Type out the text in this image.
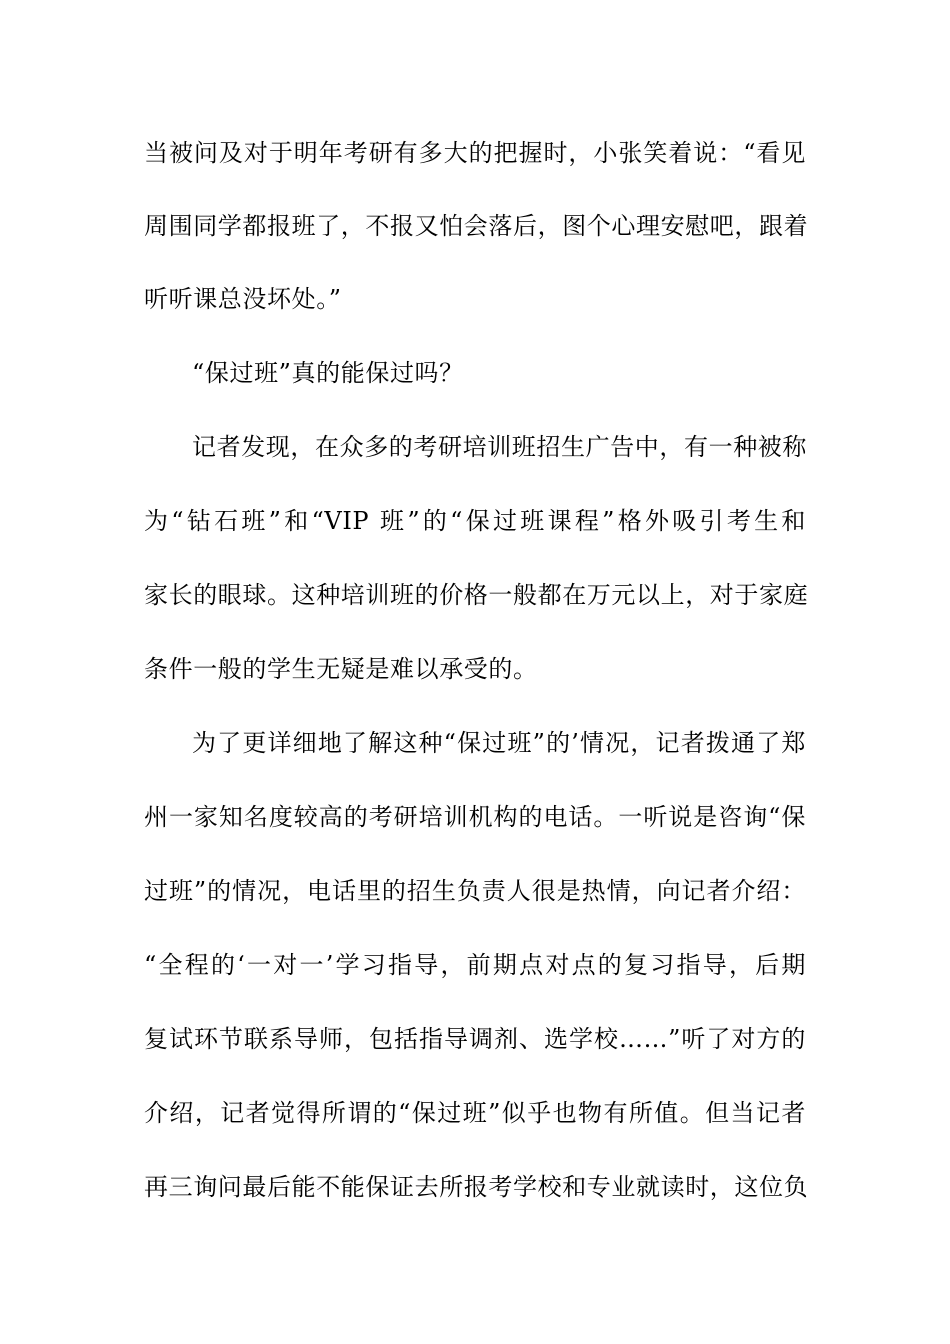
当被问及对于明年考研有多大的把握时，小张笑着说：“看见
周围同学都报班了，不报又怕会落后，图个心理安慰吧，跟着
听听课总没坏处。”
“保过班”真的能保过吗？
记者发现，在众多的考研培训班招生广告中，有一种被称
为“钻石班”和“VIP 班”的“保过班课程”格外吸引考生和
家长的眼球。这种培训班的价格一般都在万元以上，对于家庭
条件一般的学生无疑是难以承受的。
为了更详细地了解这种“保过班”的’情况，记者拨通了郑
州一家知名度较高的考研培训机构的电话。一听说是咨询“保
过班”的情况，电话里的招生负责人很是热情，向记者介绍：
“全程的‘一对一’学习指导，前期点对点的复习指导，后期
复试环节联系导师，包括指导调剂、选学校……”听了对方的
介绍，记者觉得所谓的“保过班”似乎也物有所值。但当记者
再三询问最后能不能保证去所报考学校和专业就读时，这位负
